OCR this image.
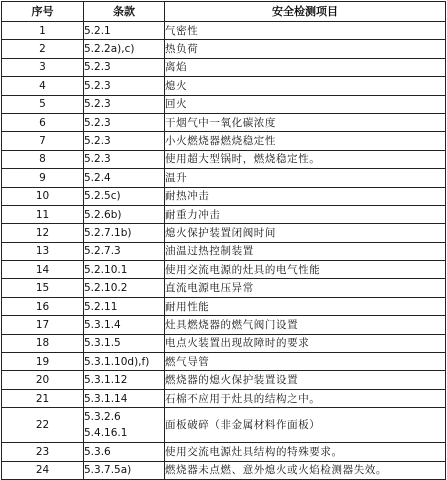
序号	条款	安全检测项目
1	5.2.1	气密性
2	5.2.2a),c)	热负荷
3	5.2.3	离焰
4	5.2.3	熄火
5	5.2.3	回火
6	5.2.3	干烟气中一氧化碳浓度
7	5.2.3	小火燃烧器燃烧稳定性
8	5.2.3	使用超大型锅时，燃烧稳定性。
9	5.2.4	温升
10	5.2.5c)	耐热冲击
11	5.2.6b)	耐重力冲击
12	5.2.7.1b)	熄火保护装置闭阀时间
13	5.2.7.3	油温过热控制装置
14	5.2.10.1	使用交流电源的灶具的电气性能
15	5.2.10.2	直流电源电压异常
16	5.2.11	耐用性能
17	5.3.1.4	灶具燃烧器的燃气阀门设置
18	5.3.1.5	电点火装置出现故障时的要求
19	5.3.1.10d),f)	燃气导管
20	5.3.1.12	燃烧器的熄火保护装置设置
21	5.3.1.14	石棉不应用于灶具的结构之中。
22	5.3.2.6
5.4.16.1	面板破碎（非金属材料作面板）
23	5.3.6	使用交流电源灶具结构的特殊要求。
24	5.3.7.5a)	燃烧器未点燃、意外熄火或火焰检测器失效。
